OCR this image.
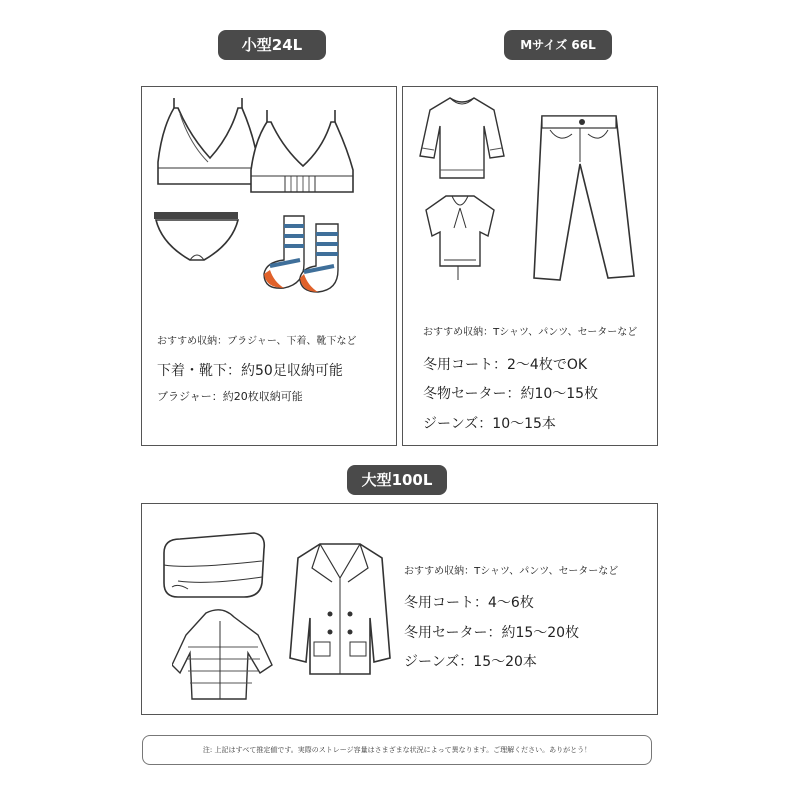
小型24L	Mサイズ 66L
おすすめ収納：ブラジャー、下着、靴下など
下着・靴下：約50足収納可能
ブラジャー：約20枚収納可能
おすすめ収納：Tシャツ、パンツ、セーターなど
冬用コート：2〜4枚でOK
冬物セーター：約10〜15枚
ジーンズ：10〜15本
大型100L
おすすめ収納：Tシャツ、パンツ、セーターなど
冬用コート：4〜6枚
冬用セーター：約15〜20枚
ジーンズ：15〜20本
注: 上記はすべて推定値です。実際のストレージ容量はさまざまな状況によって異なります。ご理解ください。ありがとう！
